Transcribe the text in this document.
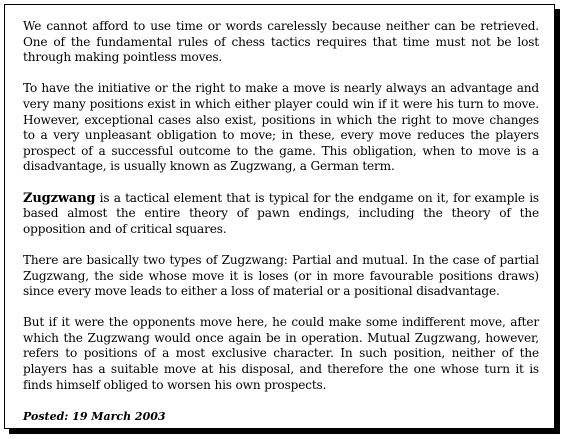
We cannot afford to use time or words carelessly because neither can be retrieved. One of the fundamental rules of chess tactics requires that time must not be lost through making pointless moves.

To have the initiative or the right to make a move is nearly always an advantage and very many positions exist in which either player could win if it were his turn to move. However, exceptional cases also exist, positions in which the right to move changes to a very unpleasant obligation to move; in these, every move reduces the players prospect of a successful outcome to the game. This obligation, when to move is a disadvantage, is usually known as Zugzwang, a German term.

Zugzwang is a tactical element that is typical for the endgame on it, for example is based almost the entire theory of pawn endings, including the theory of the opposition and of critical squares.

There are basically two types of Zugzwang: Partial and mutual. In the case of partial Zugzwang, the side whose move it is loses (or in more favourable positions draws) since every move leads to either a loss of material or a positional disadvantage.

But if it were the opponents move here, he could make some indifferent move, after which the Zugzwang would once again be in operation. Mutual Zugzwang, however, refers to positions of a most exclusive character. In such position, neither of the players has a suitable move at his disposal, and therefore the one whose turn it is finds himself obliged to worsen his own prospects.

Posted: 19 March 2003
